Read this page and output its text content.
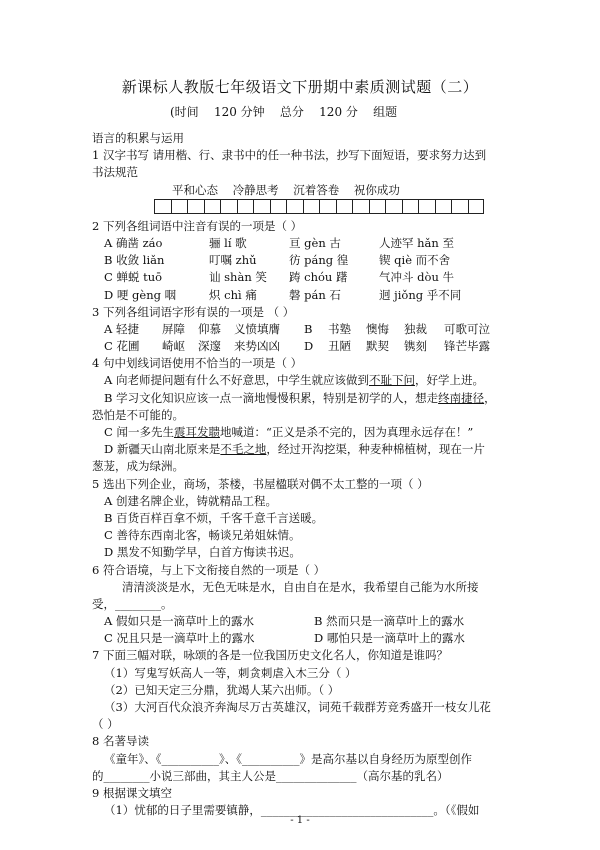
新课标人教版七年级语文下册期中素质测试题（二）
(时间    120 分钟    总分    120 分    组题
语言的积累与运用
1 汉字书写 请用楷、行、隶书中的任一种书法，抄写下面短语，要求努力达到
书法规范
平和心态    冷静思考    沉着答卷    祝你成功
2 下列各组词语中注音有误的一项是（ ）
A 确凿 záo	骊 lí 歌	亘 gèn 古	人迹罕 hǎn 至
B 收敛 liǎn	叮嘱 zhǔ	彷 páng 徨	锲 qiè 而不舍
C 蝉蜕 tuō	讪 shàn 笑	踌 chóu 躇	气冲斗 dòu 牛
D 哽 gèng 咽	炽 chì 痛	磐 pán 石	迥 jiǒng 乎不同
3 下列各组词语字形有误的一项是 （ ）
A 轻捷	屏障	仰慕	义愤填膺	B	书塾	懊悔	独裁	可歌可泣
C 花圃	崎岖	深邃	来势凶凶	D	丑陋	默契	镌刻	锋芒毕露
4 句中划线词语使用不恰当的一项是（ ）
A 向老师提问题有什么不好意思，中学生就应该做到不耻下问，好学上进。
B 学习文化知识应该一点一滴地慢慢积累，特别是初学的人，想走终南捷径，
恐怕是不可能的。
C 闻一多先生震耳发聩地喊道：“正义是杀不完的，因为真理永远存在！”
D 新疆天山南北原来是不毛之地，经过开沟挖渠，种麦种棉植树，现在一片
葱茏，成为绿洲。
5 选出下列企业，商场，茶楼，书屋楹联对偶不太工整的一项（ ）
A 创建名牌企业，铸就精品工程。
B 百货百样百拿不烦，千客千意千言送暖。
C 善待东西南北客，畅谈兄弟姐妹情。
D 黑发不知勤学早，白首方悔读书迟。
6 符合语境，与上下文衔接自然的一项是（ ）
清清淡淡是水，无色无味是水，自由自在是水，我希望自己能为水所接
受，________。
A 假如只是一滴草叶上的露水	B 然而只是一滴草叶上的露水
C 况且只是一滴草叶上的露水	D 哪怕只是一滴草叶上的露水
7 下面三幅对联，咏颂的各是一位我国历史文化名人，你知道是谁吗？
（1）写鬼写妖高人一等，刺贪刺虐入木三分（ ）
（2）已知天定三分鼎，犹竭人某六出师。（ ）
（3）大河百代众浪齐奔淘尽万古英雄汉，词苑千载群芳竞秀盛开一枝女儿花
（ ）
8 名著导读
《童年》、《__________》、《__________》是高尔基以自身经历为原型创作
的________小说三部曲，其主人公是______________（高尔基的乳名）
9 根据课文填空
（1）忧郁的日子里需要镇静，______________________________。（《假如
- 1 -
